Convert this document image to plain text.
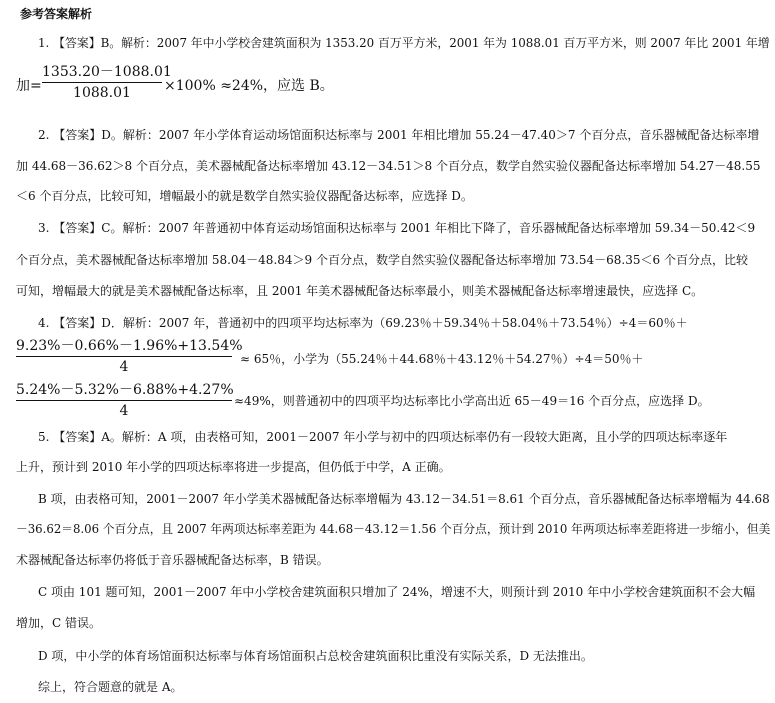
参考答案解析
1. 【答案】B。解析：2007 年中小学校舍建筑面积为 1353.20 百万平方米，2001 年为 1088.01 百万平方米，则 2007 年比 2001 年增
加=
1353.20－1088.01
1088.01	×100% ≈24%，应选 B。
2. 【答案】D。解析：2007 年小学体育运动场馆面积达标率与 2001 年相比增加 55.24－47.40＞7 个百分点，音乐器械配备达标率增
加 44.68－36.62＞8 个百分点，美术器械配备达标率增加 43.12－34.51＞8 个百分点，数学自然实验仪器配备达标率增加 54.27－48.55
＜6 个百分点，比较可知，增幅最小的就是数学自然实验仪器配备达标率，应选择 D。
3. 【答案】C。解析：2007 年普通初中体育运动场馆面积达标率与 2001 年相比下降了，音乐器械配备达标率增加 59.34－50.42＜9
个百分点，美术器械配备达标率增加 58.04－48.84＞9 个百分点，数学自然实验仪器配备达标率增加 73.54－68.35＜6 个百分点，比较
可知，增幅最大的就是美术器械配备达标率，且 2001 年美术器械配备达标率最小，则美术器械配备达标率增速最快，应选择 C。
4. 【答案】D．解析：2007 年，普通初中的四项平均达标率为（69.23％＋59.34％＋58.04％＋73.54％）÷4＝60％＋
9.23%－0.66%－1.96%+13.54%
4	≈ 65％，小学为（55.24％＋44.68％＋43.12％＋54.27％）÷4＝50％＋
5.24%－5.32%－6.88%+4.27%
4
≈49%，则普通初中的四项平均达标率比小学高出近 65－49＝16 个百分点，应选择 D。
5. 【答案】A。解析：A 项，由表格可知，2001－2007 年小学与初中的四项达标率仍有一段较大距离，且小学的四项达标率逐年
上升，预计到 2010 年小学的四项达标率将进一步提高，但仍低于中学，A 正确。
B 项，由表格可知，2001－2007 年小学美术器械配备达标率增幅为 43.12－34.51＝8.61 个百分点，音乐器械配备达标率增幅为 44.68
－36.62＝8.06 个百分点，且 2007 年两项达标率差距为 44.68－43.12＝1.56 个百分点，预计到 2010 年两项达标率差距将进一步缩小，但美
术器械配备达标率仍将低于音乐器械配备达标率，B 错误。
C 项由 101 题可知，2001－2007 年中小学校舍建筑面积只增加了 24%，增速不大，则预计到 2010 年中小学校舍建筑面积不会大幅
增加，C 错误。
D 项，中小学的体育场馆面积达标率与体育场馆面积占总校舍建筑面积比重没有实际关系，D 无法推出。
综上，符合题意的就是 A。
